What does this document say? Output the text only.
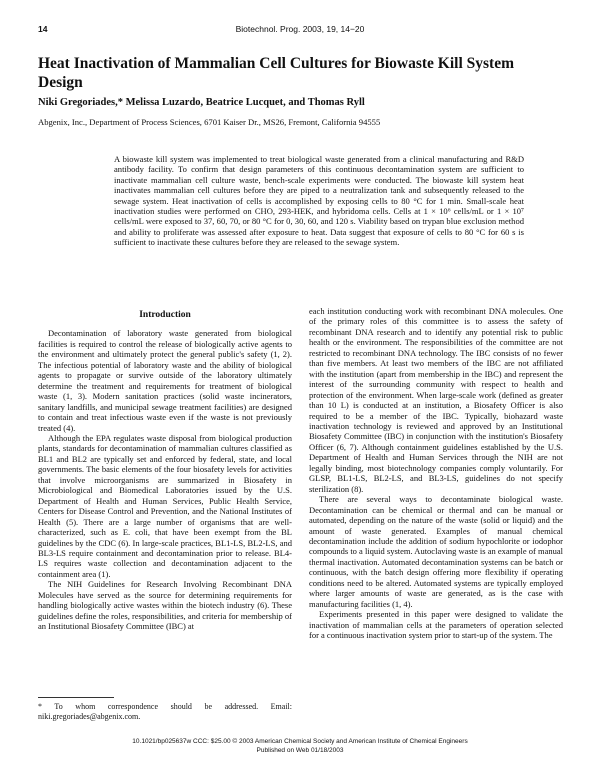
14	Biotechnol. Prog. 2003, 19, 14−20
Heat Inactivation of Mammalian Cell Cultures for Biowaste Kill System Design
Niki Gregoriades,* Melissa Luzardo, Beatrice Lucquet, and Thomas Ryll
Abgenix, Inc., Department of Process Sciences, 6701 Kaiser Dr., MS26, Fremont, California 94555

A biowaste kill system was implemented to treat biological waste generated from a clinical manufacturing and R&D antibody facility. To confirm that design parameters of this continuous decontamination system are sufficient to inactivate mammalian cell culture waste, bench-scale experiments were conducted. The biowaste kill system heat inactivates mammalian cell cultures before they are piped to a neutralization tank and subsequently released to the sewage system. Heat inactivation of cells is accomplished by exposing cells to 80 °C for 1 min. Small-scale heat inactivation studies were performed on CHO, 293-HEK, and hybridoma cells. Cells at 1 × 10⁶ cells/mL or 1 × 10⁷ cells/mL were exposed to 37, 60, 70, or 80 °C for 0, 30, 60, and 120 s. Viability based on trypan blue exclusion method and ability to proliferate was assessed after exposure to heat. Data suggest that exposure of cells to 80 °C for 60 s is sufficient to inactivate these cultures before they are released to the sewage system.

Introduction

Decontamination of laboratory waste generated from biological facilities is required to control the release of biologically active agents to the environment and ultimately protect the general public's safety (1, 2). The infectious potential of laboratory waste and the ability of biological agents to propagate or survive outside of the laboratory ultimately determine the treatment and requirements for treatment of biological waste (1, 3). Modern sanitation practices (solid waste incinerators, sanitary landfills, and municipal sewage treatment facilities) are designed to contain and treat infectious waste even if the waste is not previously treated (4).

Although the EPA regulates waste disposal from biological production plants, standards for decontamination of mammalian cultures classified as BL1 and BL2 are typically set and enforced by federal, state, and local governments. The basic elements of the four biosafety levels for activities that involve microorganisms are summarized in Biosafety in Microbiological and Biomedical Laboratories issued by the U.S. Department of Health and Human Services, Public Health Service, Centers for Disease Control and Prevention, and the National Institutes of Health (5). There are a large number of organisms that are well-characterized, such as E. coli, that have been exempt from the BL guidelines by the CDC (6). In large-scale practices, BL1-LS, BL2-LS, and BL3-LS require containment and decontamination prior to release. BL4-LS requires waste collection and decontamination adjacent to the containment area (1).

The NIH Guidelines for Research Involving Recombinant DNA Molecules have served as the source for determining requirements for handling biologically active wastes within the biotech industry (6). These guidelines define the roles, responsibilities, and criteria for membership of an Institutional Biosafety Committee (IBC) at

each institution conducting work with recombinant DNA molecules. One of the primary roles of this committee is to assess the safety of recombinant DNA research and to identify any potential risk to public health or the environment. The responsibilities of the committee are not restricted to recombinant DNA technology. The IBC consists of no fewer than five members. At least two members of the IBC are not affiliated with the institution (apart from membership in the IBC) and represent the interest of the surrounding community with respect to health and protection of the environment. When large-scale work (defined as greater than 10 L) is conducted at an institution, a Biosafety Officer is also required to be a member of the IBC. Typically, biohazard waste inactivation technology is reviewed and approved by an Institutional Biosafety Committee (IBC) in conjunction with the institution's Biosafety Officer (6, 7). Although containment guidelines established by the U.S. Department of Health and Human Services through the NIH are not legally binding, most biotechnology companies comply voluntarily. For GLSP, BL1-LS, BL2-LS, and BL3-LS, guidelines do not specify sterilization (8).

There are several ways to decontaminate biological waste. Decontamination can be chemical or thermal and can be manual or automated, depending on the nature of the waste (solid or liquid) and the amount of waste generated. Examples of manual chemical decontamination include the addition of sodium hypochlorite or iodophor compounds to a liquid system. Autoclaving waste is an example of manual thermal inactivation. Automated decontamination systems can be batch or continuous, with the batch design offering more flexibility if operating conditions need to be altered. Automated systems are typically employed where larger amounts of waste are generated, as is the case with manufacturing facilities (1, 4).

Experiments presented in this paper were designed to validate the inactivation of mammalian cells at the parameters of operation selected for a continuous inactivation system prior to start-up of the system. The

* To whom correspondence should be addressed. Email: niki.gregoriades@abgenix.com.
10.1021/bp025637w CCC: $25.00 © 2003 American Chemical Society and American Institute of Chemical Engineers
Published on Web 01/18/2003
